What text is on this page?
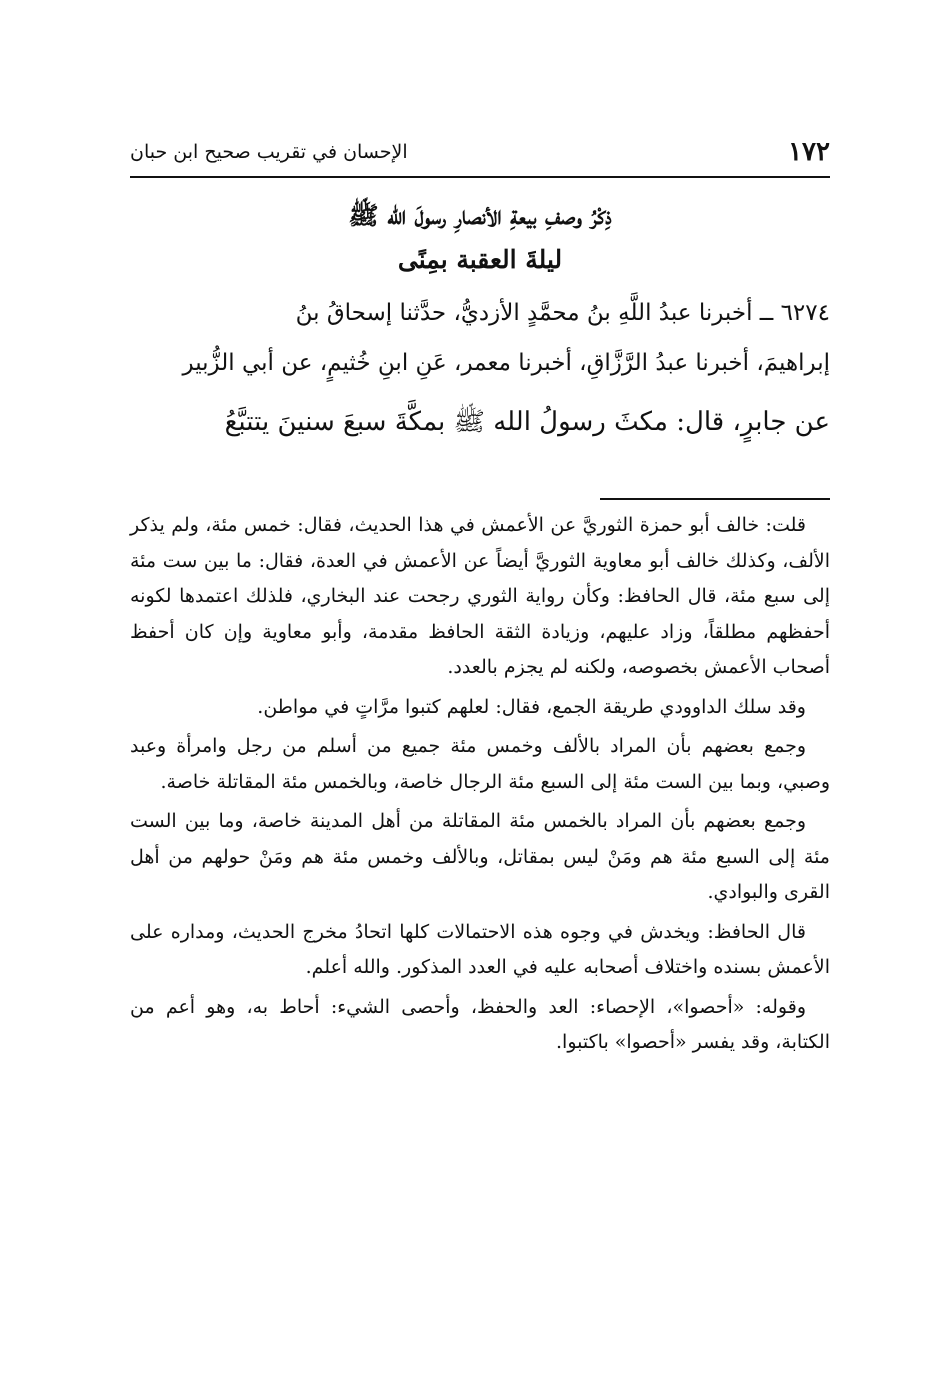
١٧٢
الإحسان في تقريب صحيح ابن حبان
ذِكْرُ وصفِ بيعةِ الأنصارِ رسولَ الله ﷺ
ليلةَ العقبة بمِنًى
٦٢٧٤ ــ أخبرنا عبدُ اللَّهِ بنُ محمَّدٍ الأزديُّ، حدَّثنا إسحاقُ بنُ
إبراهيمَ، أخبرنا عبدُ الرَّزَّاقِ، أخبرنا معمر، عَنِ ابنِ خُثيمٍ، عن أبي الزُّبير
عن جابرٍ، قال: مكثَ رسولُ الله ﷺ بمكَّةَ سبعَ سنينَ يتتبَّعُ

قلت: خالف أبو حمزة الثوريَّ عن الأعمش في هذا الحديث، فقال: خمس مئة، ولم يذكر الألف، وكذلك خالف أبو معاوية الثوريَّ أيضاً عن الأعمش في العدة، فقال: ما بين ست مئة إلى سبع مئة، قال الحافظ: وكأن رواية الثوري رجحت عند البخاري، فلذلك اعتمدها لكونه أحفظهم مطلقاً، وزاد عليهم، وزيادة الثقة الحافظ مقدمة، وأبو معاوية وإن كان أحفظ أصحاب الأعمش بخصوصه، ولكنه لم يجزم بالعدد.

وقد سلك الداوودي طريقة الجمع، فقال: لعلهم كتبوا مرَّاتٍ في مواطن.

وجمع بعضهم بأن المراد بالألف وخمس مئة جميع من أسلم من رجل وامرأة وعبد وصبي، وبما بين الست مئة إلى السبع مئة الرجال خاصة، وبالخمس مئة المقاتلة خاصة.

وجمع بعضهم بأن المراد بالخمس مئة المقاتلة من أهل المدينة خاصة، وما بين الست مئة إلى السبع مئة هم ومَنْ ليس بمقاتل، وبالألف وخمس مئة هم ومَنْ حولهم من أهل القرى والبوادي.

قال الحافظ: ويخدش في وجوه هذه الاحتمالات كلها اتحادُ مخرج الحديث، ومداره على الأعمش بسنده واختلاف أصحابه عليه في العدد المذكور. والله أعلم.

وقوله: «أحصوا»، الإحصاء: العد والحفظ، وأحصى الشيء: أحاط به، وهو أعم من الكتابة، وقد يفسر «أحصوا» باكتبوا.
